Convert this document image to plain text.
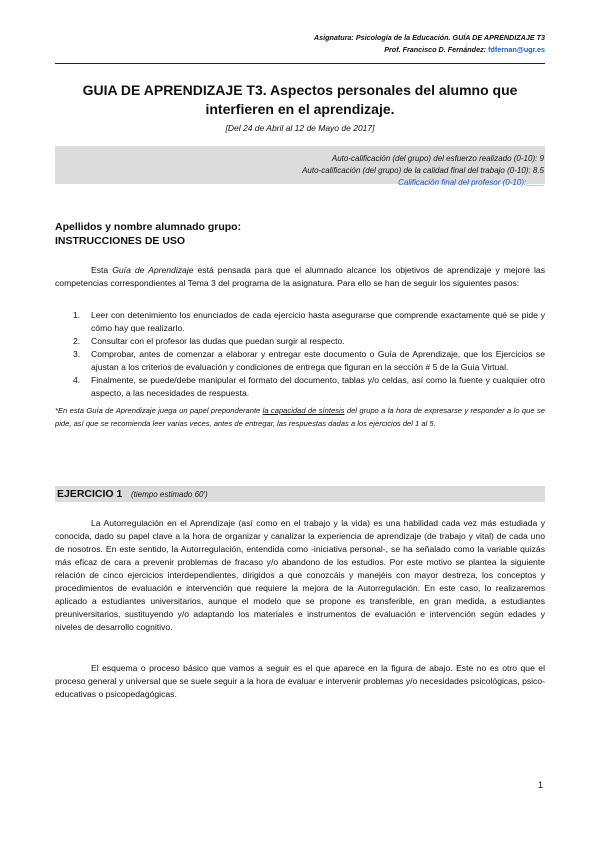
Asignatura: Psicología de la Educación. GUÍA DE APRENDIZAJE T3
Prof. Francisco D. Fernández: fdfernan@ugr.es
GUIA DE APRENDIZAJE T3. Aspectos personales del alumno que
interfieren en el aprendizaje.
[Del 24 de Abril al 12 de Mayo de 2017]
Auto-calificación (del grupo) del esfuerzo realizado (0-10): 9
Auto-calificación (del grupo) de la calidad final del trabajo (0-10): 8.5
Calificación final del profesor (0-10):____
Apellidos y nombre alumnado grupo:
INSTRUCCIONES DE USO
Esta Guía de Aprendizaje está pensada para que el alumnado alcance los objetivos de aprendizaje y mejore las competencias correspondientes al Tema 3 del programa de la asignatura. Para ello se han de seguir los siguientes pasos:
1. Leer con detenimiento los enunciados de cada ejercicio hasta asegurarse que comprende exactamente qué se pide y cómo hay que realizarlo.
2. Consultar con el profesor las dudas que puedan surgir al respecto.
3. Comprobar, antes de comenzar a elaborar y entregar este documento o Guía de Aprendizaje, que los Ejercicios se ajustan a los criterios de evaluación y condiciones de entrega que figuran en la sección # 5 de la Guía Virtual.
4. Finalmente, se puede/debe manipular el formato del documento, tablas y/o celdas, así como la fuente y cualquier otro aspecto, a las necesidades de respuesta.
*En esta Guía de Aprendizaje juega un papel preponderante la capacidad de síntesis del grupo a la hora de expresarse y responder a lo que se pide, así que se recomienda leer varias veces, antes de entregar, las respuestas dadas a los ejercicios del 1 al 5.
EJERCICIO 1 (tiempo estimado 60')
La Autorregulación en el Aprendizaje (así como en el trabajo y la vida) es una habilidad cada vez más estudiada y conocida, dado su papel clave a la hora de organizar y canalizar la experiencia de aprendizaje (de trabajo y vital) de cada uno de nosotros. En este sentido, la Autorregulación, entendida como -iniciativa personal-, se ha señalado como la variable quizás más eficaz de cara a prevenir problemas de fracaso y/o abandono de los estudios. Por este motivo se plantea la siguiente relación de cinco ejercicios interdependientes, dirigidos a que conozcáis y manejéis con mayor destreza, los conceptos y procedimientos de evaluación e intervención que requiere la mejora de la Autorregulación. En este caso, lo realizaremos aplicado a estudiantes universitarios, aunque el modelo que se propone es transferible, en gran medida, a estudiantes preuniversitarios, sustituyendo y/o adaptando los materiales e instrumentos de evaluación e intervención según edades y niveles de desarrollo cognitivo.
El esquema o proceso básico que vamos a seguir es el que aparece en la figura de abajo. Este no es otro que el proceso general y universal que se suele seguir a la hora de evaluar e intervenir problemas y/o necesidades psicológicas, psico-educativas o psicopedagógicas.
1
